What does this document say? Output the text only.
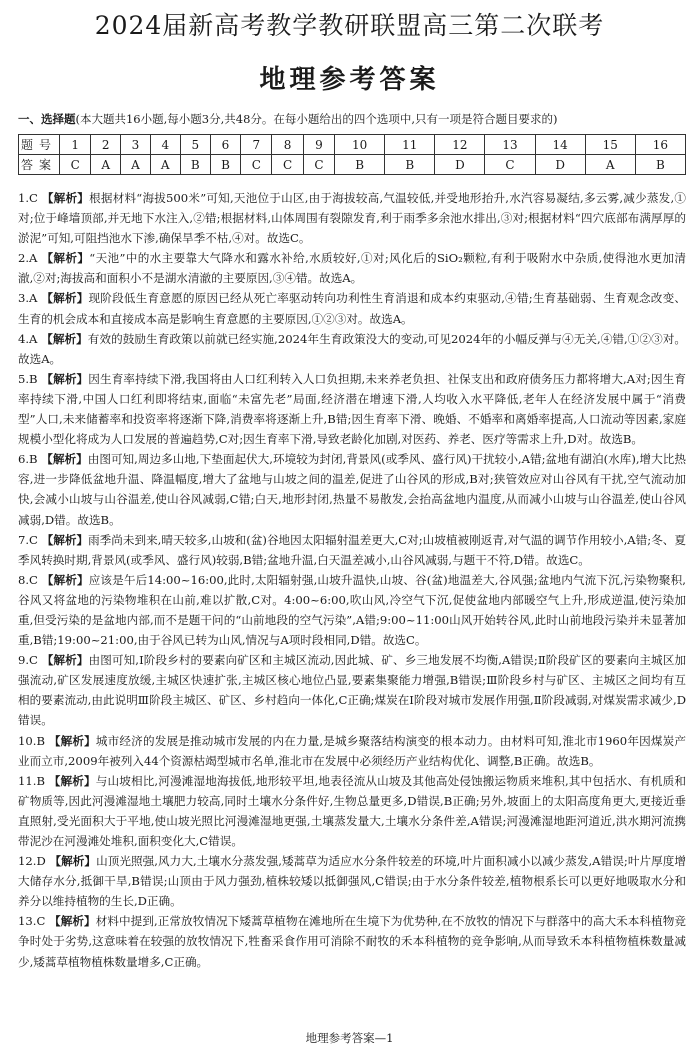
2024届新高考教学教研联盟高三第二次联考
地理参考答案
一、选择题(本大题共16小题,每小题3分,共48分。在每小题给出的四个选项中,只有一项是符合题目要求的)
题号	1	2	3	4	5	6	7	8	9	10	11	12	13	14	15	16
答案	C	A	A	A	B	B	C	C	C	B	B	D	C	D	A	B

1.C 【解析】根据材料“海拔500米”可知,天池位于山区,由于海拔较高,气温较低,并受地形抬升,水汽容易凝结,多云雾,减少蒸发,①对;位于峰墙顶部,并无地下水注入,②错;根据材料,山体周围有裂隙发育,利于雨季多余池水排出,③对;根据材料“四穴底部布满厚厚的淤泥”可知,可阻挡池水下渗,确保旱季不枯,④对。故选C。

2.A 【解析】“天池”中的水主要靠大气降水和露水补给,水质较好,①对;风化后的SiO₂颗粒,有利于吸附水中杂质,使得池水更加清澈,②对;海拔高和面积小不是湖水清澈的主要原因,③④错。故选A。

3.A 【解析】现阶段低生育意愿的原因已经从死亡率驱动转向功利性生育消退和成本约束驱动,④错;生育基础弱、生育观念改变、生育的机会成本和直接成本高是影响生育意愿的主要原因,①②③对。故选A。

4.A 【解析】有效的鼓励生育政策以前就已经实施,2024年生育政策没大的变动,可见2024年的小幅反弹与④无关,④错,①②③对。故选A。

5.B 【解析】因生育率持续下滑,我国将由人口红利转入人口负担期,未来养老负担、社保支出和政府债务压力都将增大,A对;因生育率持续下滑,中国人口红利即将结束,面临“未富先老”局面,经济潜在增速下滑,人均收入水平降低,老年人在经济发展中属于“消费型”人口,未来储蓄率和投资率将逐渐下降,消费率将逐渐上升,B错;因生育率下滑、晚婚、不婚率和离婚率提高,人口流动等因素,家庭规模小型化将成为人口发展的普遍趋势,C对;因生育率下滑,导致老龄化加剧,对医药、养老、医疗等需求上升,D对。故选B。

6.B 【解析】由图可知,周边多山地,下垫面起伏大,环境较为封闭,背景风(或季风、盛行风)干扰较小,A错;盆地有湖泊(水库),增大比热容,进一步降低盆地升温、降温幅度,增大了盆地与山坡之间的温差,促进了山谷风的形成,B对;狭管效应对山谷风有干扰,空气流动加快,会减小山坡与山谷温差,使山谷风减弱,C错;白天,地形封闭,热量不易散发,会抬高盆地内温度,从而减小山坡与山谷温差,使山谷风减弱,D错。故选B。

7.C 【解析】雨季尚未到来,晴天较多,山坡和(盆)谷地因太阳辐射温差更大,C对;山坡植被刚返青,对气温的调节作用较小,A错;冬、夏季风转换时期,背景风(或季风、盛行风)较弱,B错;盆地升温,白天温差减小,山谷风减弱,与题干不符,D错。故选C。

8.C 【解析】应该是午后14:00~16:00,此时,太阳辐射强,山坡升温快,山坡、谷(盆)地温差大,谷风强;盆地内气流下沉,污染物聚积,谷风又将盆地的污染物堆积在山前,难以扩散,C对。4:00~6:00,吹山风,冷空气下沉,促使盆地内部暖空气上升,形成逆温,使污染加重,但受污染的是盆地内部,而不是题干问的“山前地段的空气污染”,A错;9:00~11:00山风开始转谷风,此时山前地段污染并未显著加重,B错;19:00~21:00,由于谷风已转为山风,情况与A项时段相同,D错。故选C。

9.C 【解析】由图可知,Ⅰ阶段乡村的要素向矿区和主城区流动,因此城、矿、乡三地发展不均衡,A错误;Ⅱ阶段矿区的要素向主城区加强流动,矿区发展速度放缓,主城区快速扩张,主城区核心地位凸显,要素集聚能力增强,B错误;Ⅲ阶段乡村与矿区、主城区之间均有互相的要素流动,由此说明Ⅲ阶段主城区、矿区、乡村趋向一体化,C正确;煤炭在Ⅰ阶段对城市发展作用强,Ⅱ阶段减弱,对煤炭需求减少,D错误。

10.B 【解析】城市经济的发展是推动城市发展的内在力量,是城乡聚落结构演变的根本动力。由材料可知,淮北市1960年因煤炭产业而立市,2009年被列入44个资源枯竭型城市名单,淮北市在发展中必须经历产业结构优化、调整,B正确。故选B。

11.B 【解析】与山坡相比,河漫滩湿地海拔低,地形较平坦,地表径流从山坡及其他高处侵蚀搬运物质来堆积,其中包括水、有机质和矿物质等,因此河漫滩湿地土壤肥力较高,同时土壤水分条件好,生物总量更多,D错误,B正确;另外,坡面上的太阳高度角更大,更接近垂直照射,受光面积大于平地,使山坡光照比河漫滩湿地更强,土壤蒸发量大,土壤水分条件差,A错误;河漫滩湿地距河道近,洪水期河流携带泥沙在河漫滩处堆积,面积变化大,C错误。

12.D 【解析】山顶光照强,风力大,土壤水分蒸发强,矮蒿草为适应水分条件较差的环境,叶片面积减小以减少蒸发,A错误;叶片厚度增大储存水分,抵御干旱,B错误;山顶由于风力强劲,植株较矮以抵御强风,C错误;由于水分条件较差,植物根系长可以更好地吸取水分和养分以维持植物的生长,D正确。

13.C 【解析】材料中提到,正常放牧情况下矮蒿草植物在滩地所在生境下为优势种,在不放牧的情况下与群落中的高大禾本科植物竞争时处于劣势,这意味着在较强的放牧情况下,牲畜采食作用可消除不耐牧的禾本科植物的竞争影响,从而导致禾本科植物植株数量减少,矮蒿草植物植株数量增多,C正确。

地理参考答案—1
